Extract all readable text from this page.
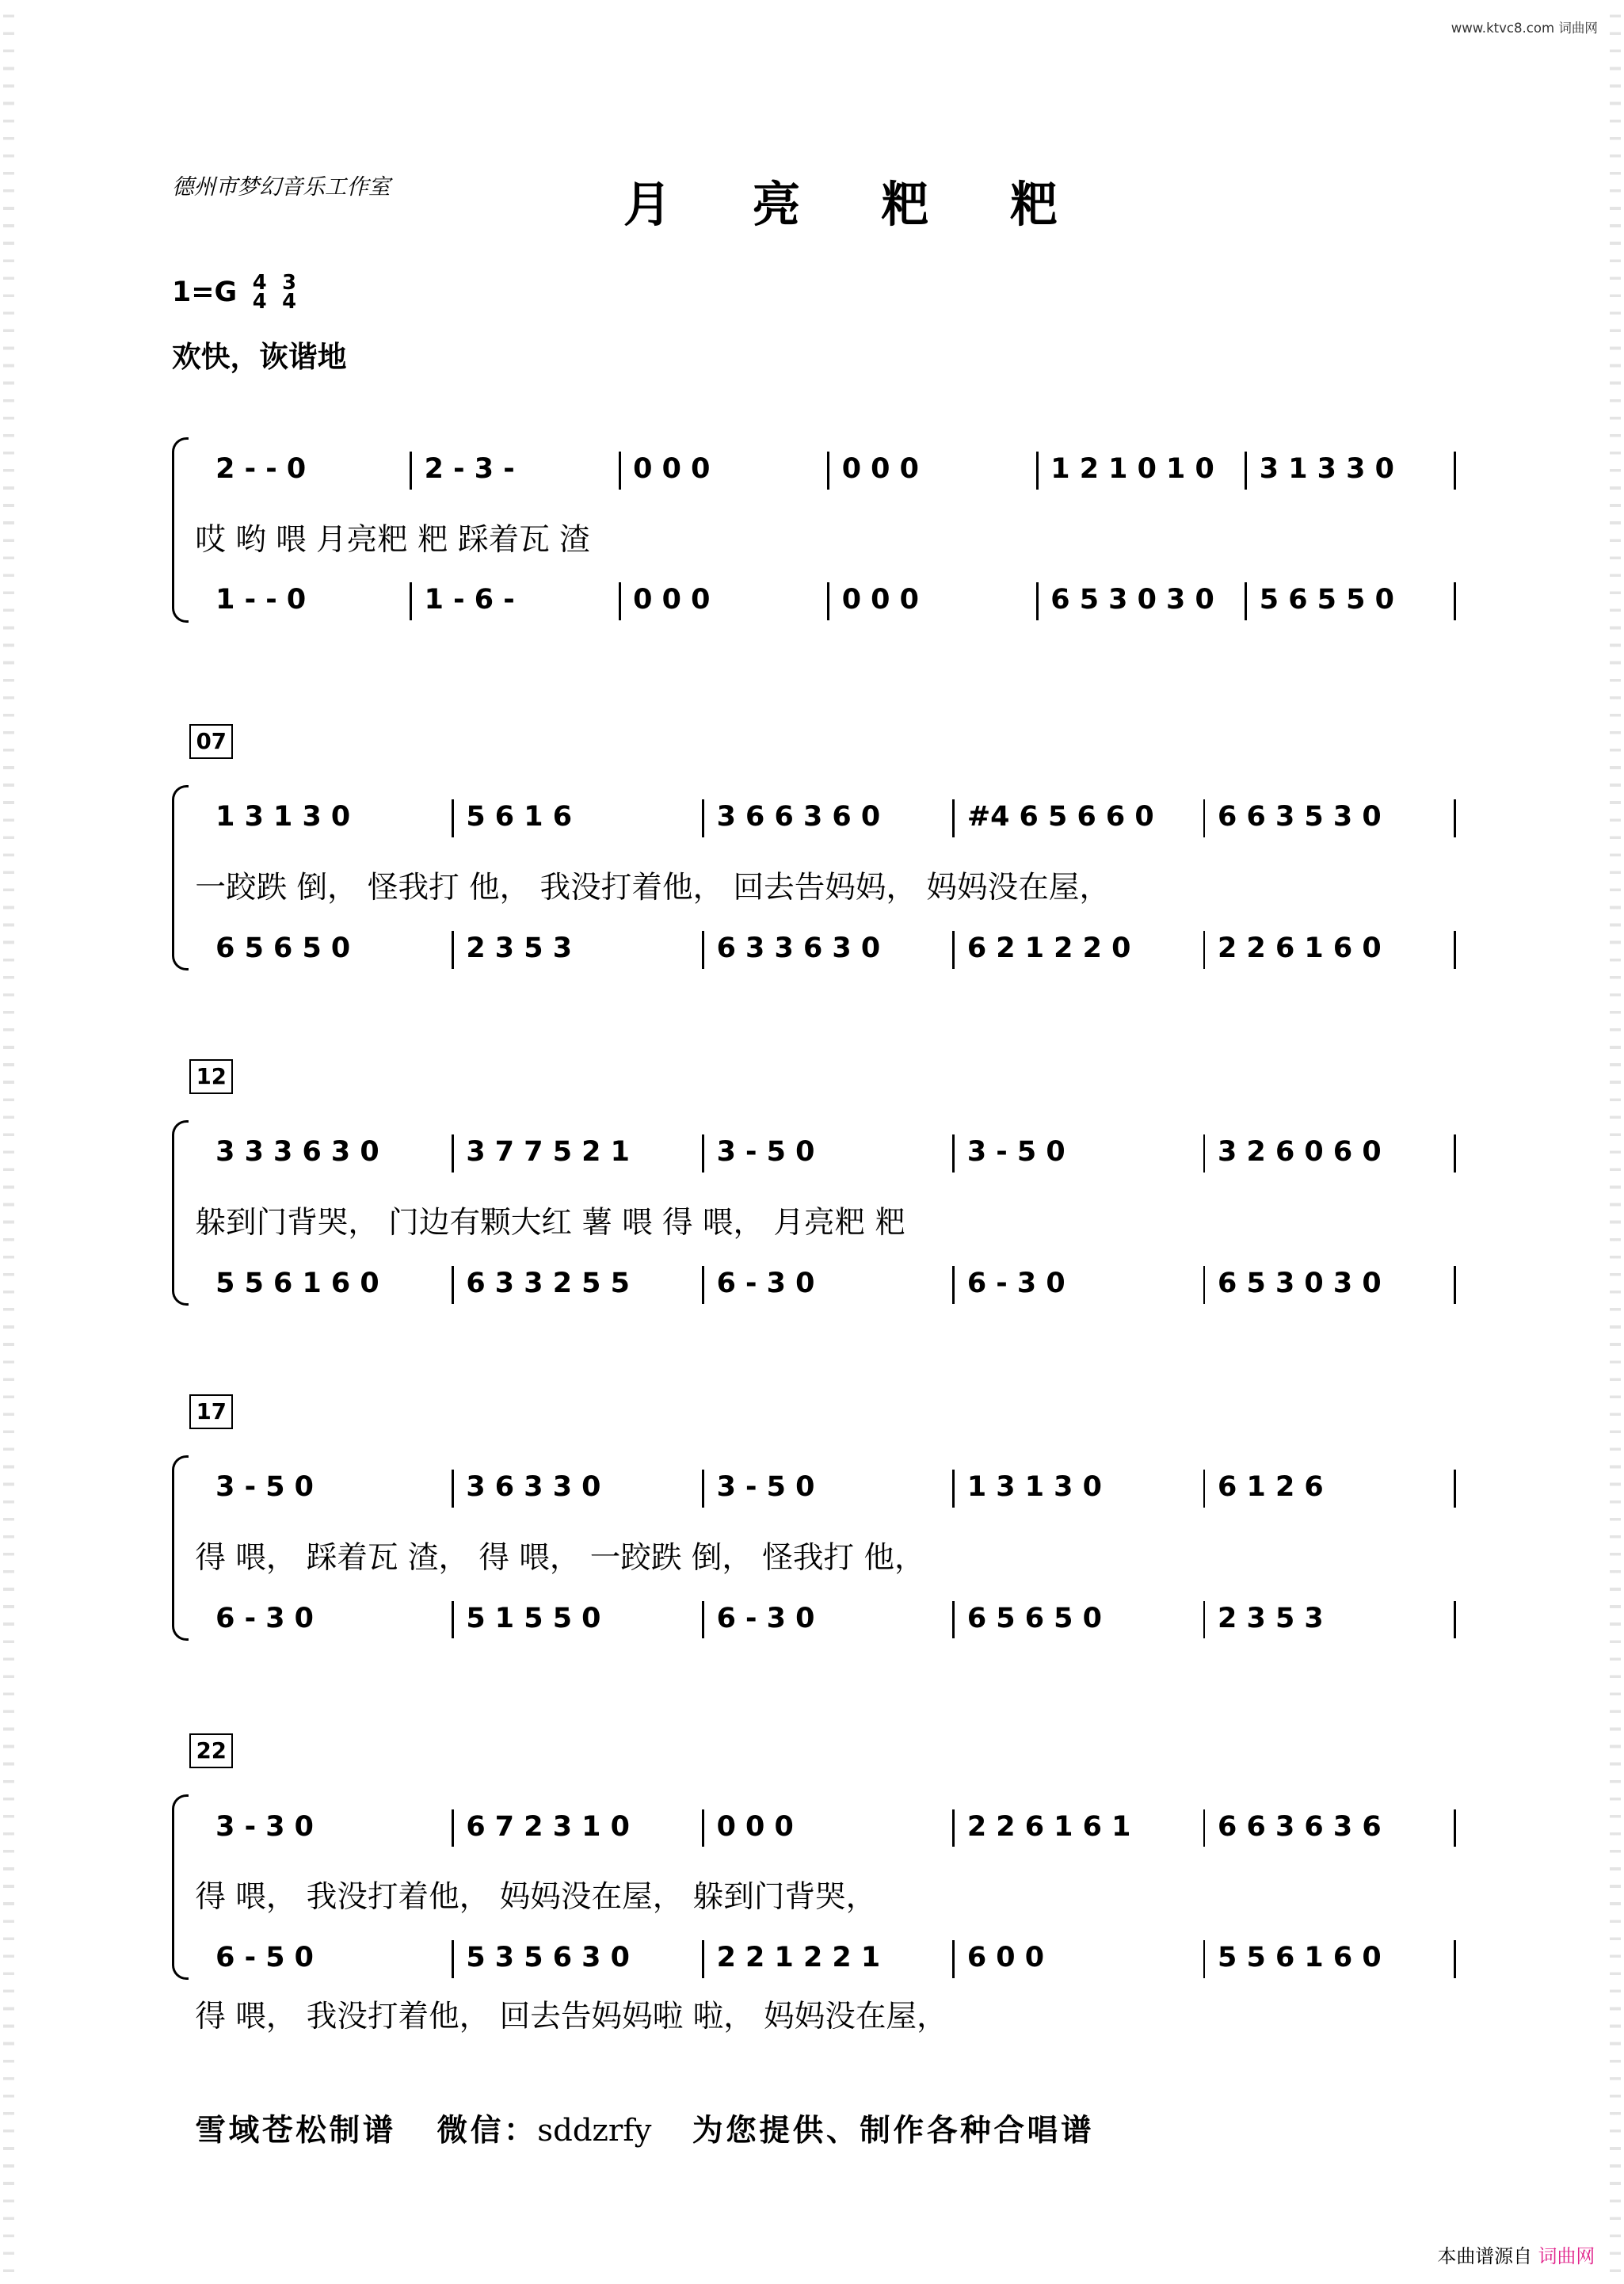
www.ktvc8.com 词曲网
德州市梦幻音乐工作室	月 亮 粑 粑
1=G 4
4

3
4
欢快，诙谐地
2 - - 0	2 - 3 -	0 0 0	0 0 0	1 2 1 0 1 0	3 1 3 3 0
哎 哟 喂 月亮粑 粑 踩着瓦 渣
1 - - 0	1 - 6 -	0 0 0	0 0 0	6 5 3 0 3 0	5 6 5 5 0
07
1 3 1 3 0	5 6 1 6	3 6 6 3 6 0	#4 6 5 6 6 0	6 6 3 5 3 0
一跤跌 倒， 怪我打 他， 我没打着他， 回去告妈妈， 妈妈没在屋，
6 5 6 5 0	2 3 5 3	6 3 3 6 3 0	6 2 1 2 2 0	2 2 6 1 6 0
12
3 3 3 6 3 0	3 7 7 5 2 1	3 - 5 0	3 - 5 0	3 2 6 0 6 0
躲到门背哭， 门边有颗大红 薯 喂 得 喂， 月亮粑 粑
5 5 6 1 6 0	6 3 3 2 5 5	6 - 3 0	6 - 3 0	6 5 3 0 3 0
17
3 - 5 0	3 6 3 3 0	3 - 5 0	1 3 1 3 0	6 1 2 6
得 喂， 踩着瓦 渣， 得 喂， 一跤跌 倒， 怪我打 他，
6 - 3 0	5 1 5 5 0	6 - 3 0	6 5 6 5 0	2 3 5 3
22
3 - 3 0	6 7 2 3 1 0	0 0 0	2 2 6 1 6 1	6 6 3 6 3 6
得 喂， 我没打着他， 妈妈没在屋， 躲到门背哭，
6 - 5 0	5 3 5 6 3 0	2 2 1 2 2 1	6 0 0	5 5 6 1 6 0
得 喂， 我没打着他， 回去告妈妈啦 啦， 妈妈没在屋，
雪域苍松制谱 微信：sddzrfy 为您提供、制作各种合唱谱
本曲谱源自 词曲网
